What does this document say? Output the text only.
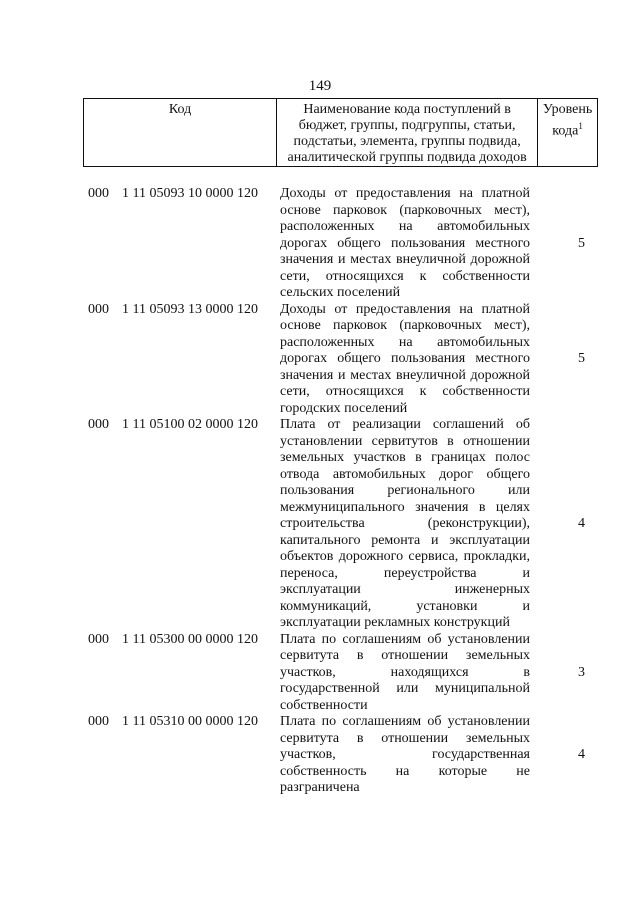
149
Код	Наименование кода поступлений в
бюджет, группы, подгруппы, статьи,
подстатьи, элемента, группы подвида,
аналитической группы подвида доходов

Уровень
кода$^1$
000 1 11 05093 10 0000 120	Доходы от предоставления на платной
основе парковок (парковочных мест),
расположенных на автомобильных
дорогах общего пользования местного
значения и местах внеуличной дорожной
сети, относящихся к собственности
сельских поселений
5
000 1 11 05093 13 0000 120	Доходы от предоставления на платной
основе парковок (парковочных мест),
расположенных на автомобильных
дорогах общего пользования местного
значения и местах внеуличной дорожной
сети, относящихся к собственности
городских поселений
5
000 1 11 05100 02 0000 120	Плата от реализации соглашений об
установлении сервитутов в отношении
земельных участков в границах полос
отвода автомобильных дорог общего
пользования регионального или
межмуниципального значения в целях
строительства (реконструкции),
капитального ремонта и эксплуатации
объектов дорожного сервиса, прокладки,
переноса, переустройства и
эксплуатации инженерных
коммуникаций, установки и
эксплуатации рекламных конструкций
4
000 1 11 05300 00 0000 120	Плата по соглашениям об установлении
сервитута в отношении земельных
участков, находящихся в
государственной или муниципальной
собственности
3
000 1 11 05310 00 0000 120	Плата по соглашениям об установлении
сервитута в отношении земельных
участков, государственная
собственность на которые не
разграничена
4
